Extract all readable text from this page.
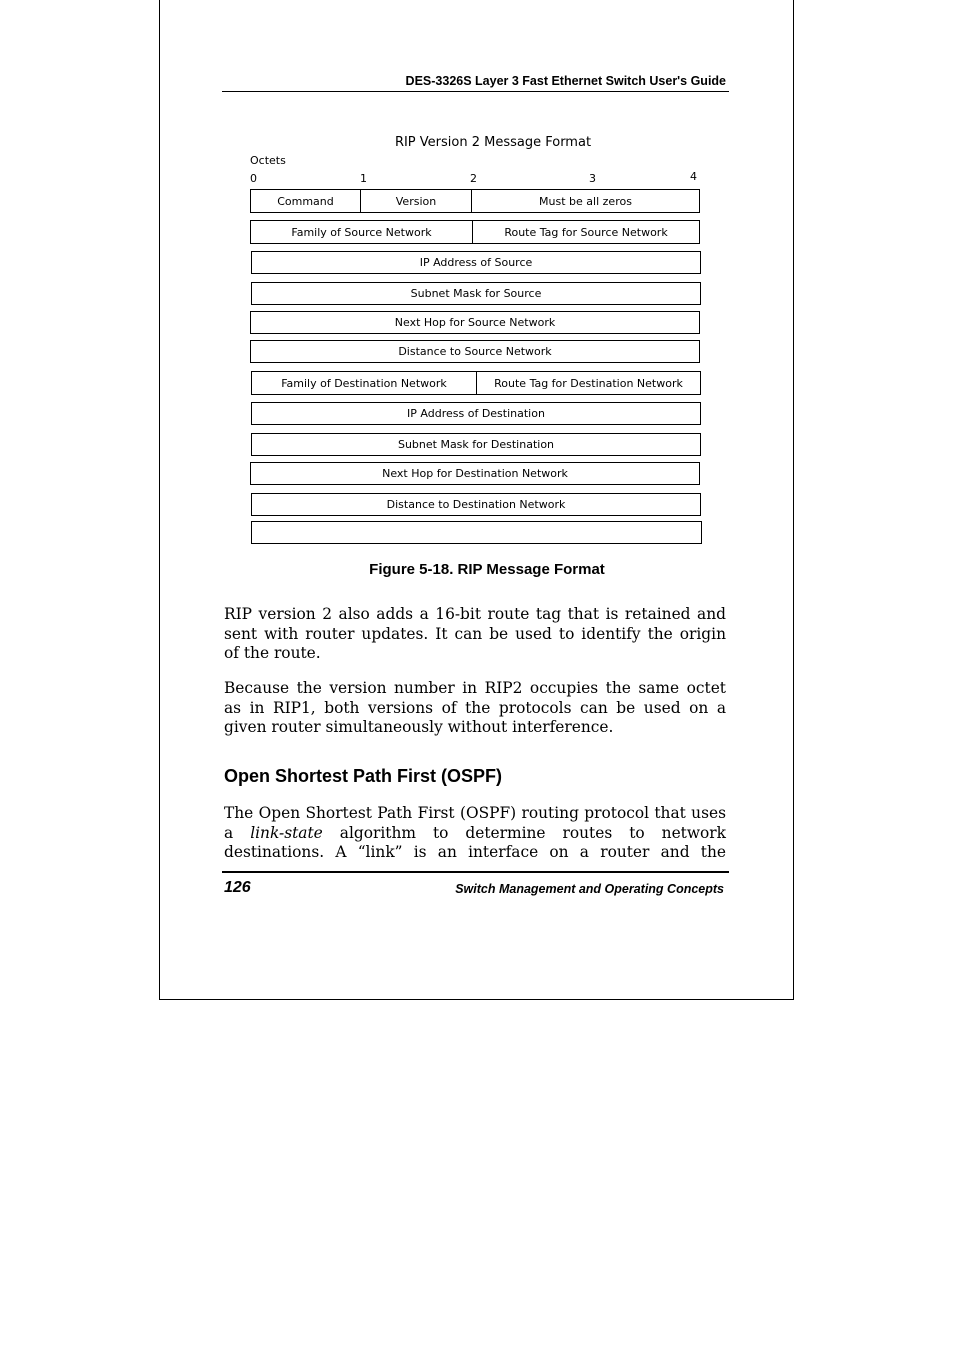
DES-3326S Layer 3 Fast Ethernet Switch User's Guide
RIP Version 2 Message Format
Octets
0	1	2	3	4
Command	Version	Must be all zeros
Family of Source Network	Route Tag for Source Network
IP Address of Source
Subnet Mask for Source
Next Hop for Source Network
Distance to Source Network
Family of Destination Network	Route Tag for Destination Network
IP Address of Destination
Subnet Mask for Destination
Next Hop for Destination Network
Distance to Destination Network
Figure 5-18. RIP Message Format
RIP version 2 also adds a 16-bit route tag that is retained and
sent with router updates. It can be used to identify the origin
of the route.
Because the version number in RIP2 occupies the same octet
as in RIP1, both versions of the protocols can be used on a
given router simultaneously without interference.
Open Shortest Path First (OSPF)
The Open Shortest Path First (OSPF) routing protocol that uses
a link-state algorithm to determine routes to network
destinations. A “link” is an interface on a router and the
126	Switch Management and Operating Concepts
